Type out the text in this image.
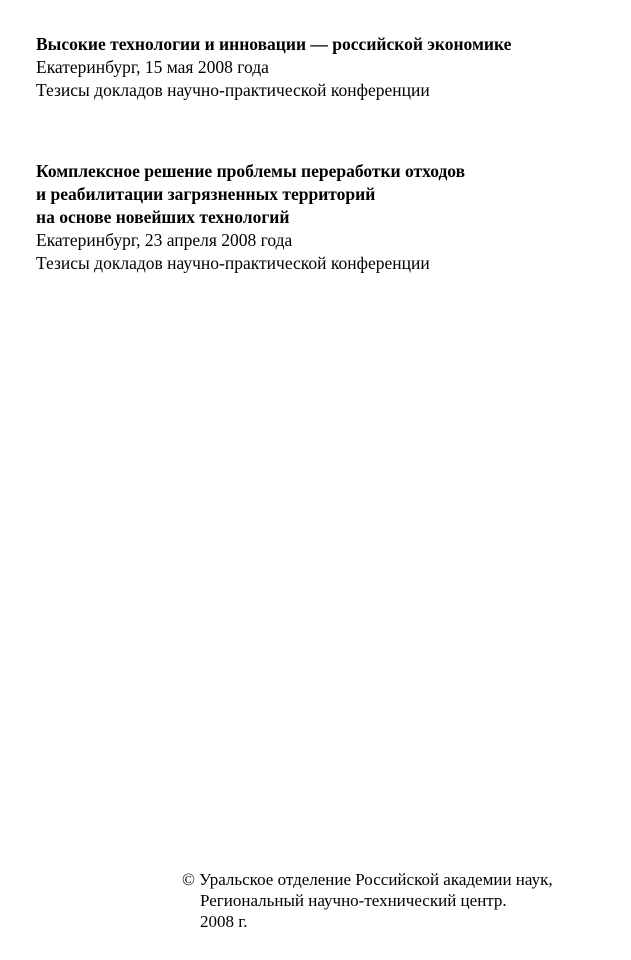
Высокие технологии и инновации — российской экономике
Екатеринбург, 15 мая 2008 года
Тезисы докладов научно-практической конференции
Комплексное решение проблемы переработки отходов
и реабилитации загрязненных территорий
на основе новейших технологий
Екатеринбург, 23 апреля 2008 года
Тезисы докладов научно-практической конференции
© Уральское отделение Российской академии наук,
Региональный научно-технический центр.
2008 г.
